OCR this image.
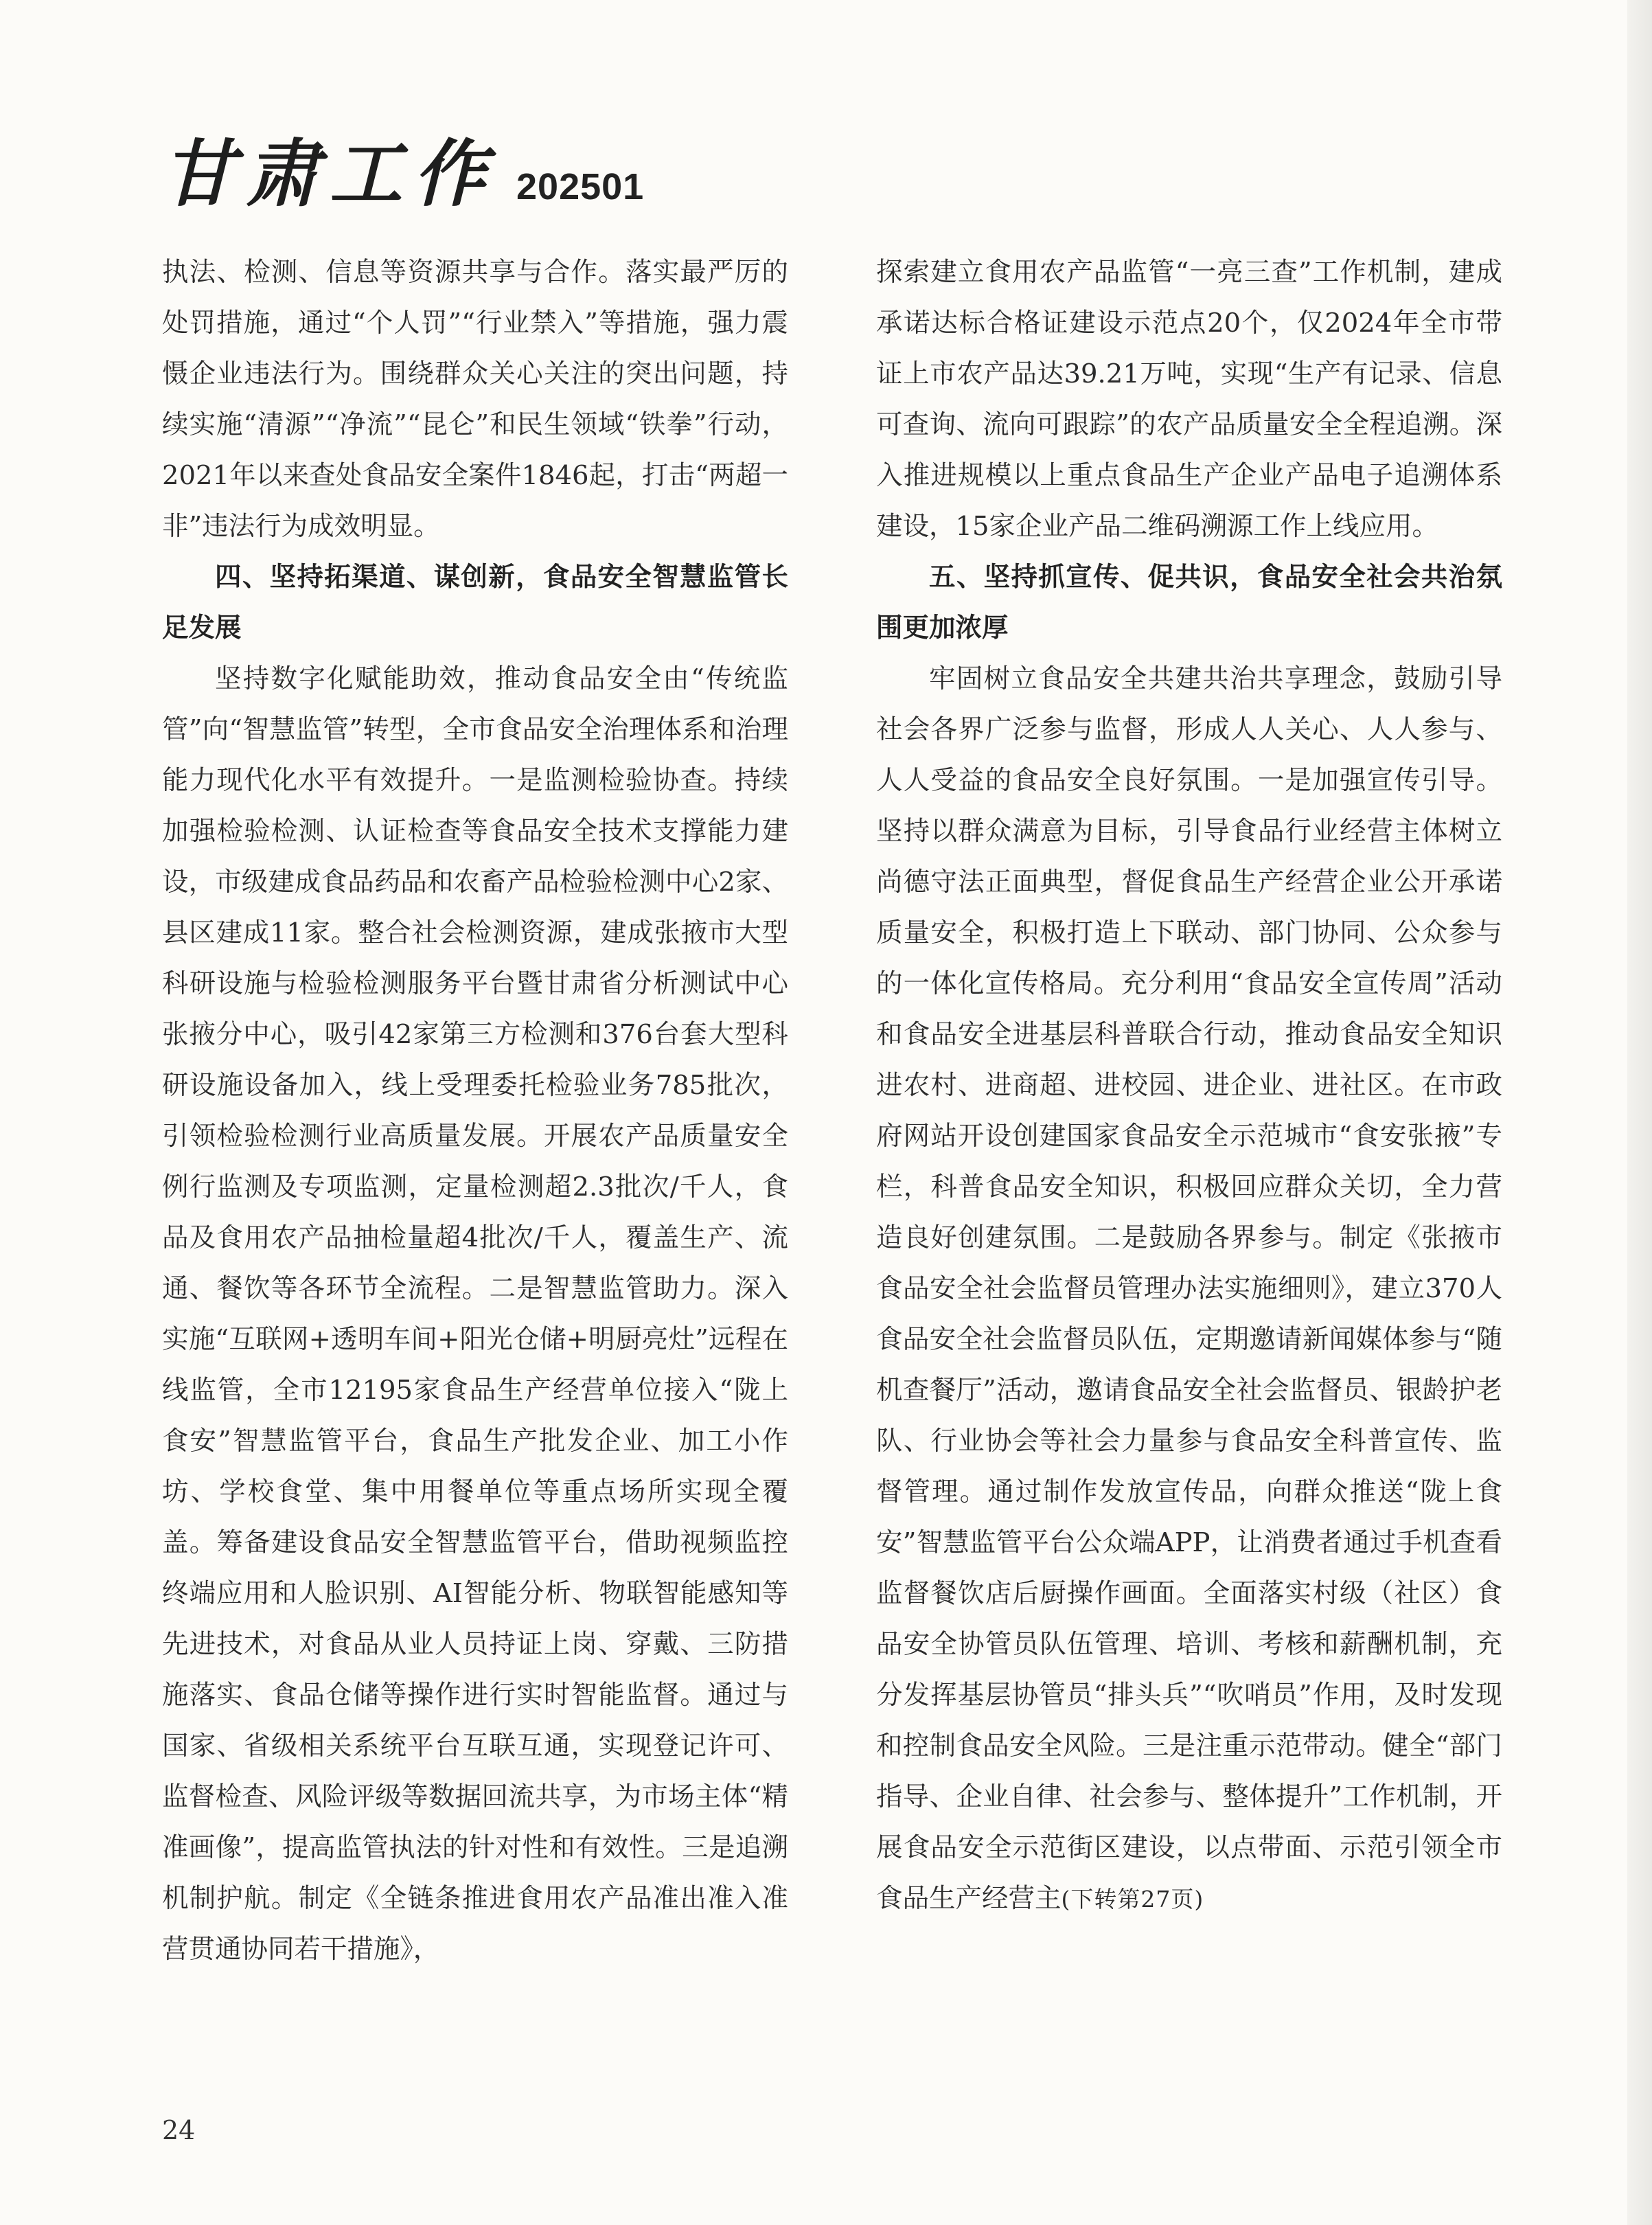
甘肃工作 202501

执法、检测、信息等资源共享与合作。落实最严厉的处罚措施，通过“个人罚”“行业禁入”等措施，强力震慑企业违法行为。围绕群众关心关注的突出问题，持续实施“清源”“净流”“昆仑”和民生领域“铁拳”行动，2021年以来查处食品安全案件1846起，打击“两超一非”违法行为成效明显。

四、坚持拓渠道、谋创新，食品安全智慧监管长足发展

坚持数字化赋能助效，推动食品安全由“传统监管”向“智慧监管”转型，全市食品安全治理体系和治理能力现代化水平有效提升。一是监测检验协查。持续加强检验检测、认证检查等食品安全技术支撑能力建设，市级建成食品药品和农畜产品检验检测中心2家、县区建成11家。整合社会检测资源，建成张掖市大型科研设施与检验检测服务平台暨甘肃省分析测试中心张掖分中心，吸引42家第三方检测和376台套大型科研设施设备加入，线上受理委托检验业务785批次，引领检验检测行业高质量发展。开展农产品质量安全例行监测及专项监测，定量检测超2.3批次/千人，食品及食用农产品抽检量超4批次/千人，覆盖生产、流通、餐饮等各环节全流程。二是智慧监管助力。深入实施“互联网+透明车间+阳光仓储+明厨亮灶”远程在线监管，全市12195家食品生产经营单位接入“陇上食安”智慧监管平台，食品生产批发企业、加工小作坊、学校食堂、集中用餐单位等重点场所实现全覆盖。筹备建设食品安全智慧监管平台，借助视频监控终端应用和人脸识别、AI智能分析、物联智能感知等先进技术，对食品从业人员持证上岗、穿戴、三防措施落实、食品仓储等操作进行实时智能监督。通过与国家、省级相关系统平台互联互通，实现登记许可、监督检查、风险评级等数据回流共享，为市场主体“精准画像”，提高监管执法的针对性和有效性。三是追溯机制护航。制定《全链条推进食用农产品准出准入准营贯通协同若干措施》，

探索建立食用农产品监管“一亮三查”工作机制，建成承诺达标合格证建设示范点20个，仅2024年全市带证上市农产品达39.21万吨，实现“生产有记录、信息可查询、流向可跟踪”的农产品质量安全全程追溯。深入推进规模以上重点食品生产企业产品电子追溯体系建设，15家企业产品二维码溯源工作上线应用。

五、坚持抓宣传、促共识，食品安全社会共治氛围更加浓厚

牢固树立食品安全共建共治共享理念，鼓励引导社会各界广泛参与监督，形成人人关心、人人参与、人人受益的食品安全良好氛围。一是加强宣传引导。坚持以群众满意为目标，引导食品行业经营主体树立尚德守法正面典型，督促食品生产经营企业公开承诺质量安全，积极打造上下联动、部门协同、公众参与的一体化宣传格局。充分利用“食品安全宣传周”活动和食品安全进基层科普联合行动，推动食品安全知识进农村、进商超、进校园、进企业、进社区。在市政府网站开设创建国家食品安全示范城市“食安张掖”专栏，科普食品安全知识，积极回应群众关切，全力营造良好创建氛围。二是鼓励各界参与。制定《张掖市食品安全社会监督员管理办法实施细则》，建立370人食品安全社会监督员队伍，定期邀请新闻媒体参与“随机查餐厅”活动，邀请食品安全社会监督员、银龄护老队、行业协会等社会力量参与食品安全科普宣传、监督管理。通过制作发放宣传品，向群众推送“陇上食安”智慧监管平台公众端APP，让消费者通过手机查看监督餐饮店后厨操作画面。全面落实村级（社区）食品安全协管员队伍管理、培训、考核和薪酬机制，充分发挥基层协管员“排头兵”“吹哨员”作用，及时发现和控制食品安全风险。三是注重示范带动。健全“部门指导、企业自律、社会参与、整体提升”工作机制，开展食品安全示范街区建设，以点带面、示范引领全市食品生产经营主(下转第27页)

24
